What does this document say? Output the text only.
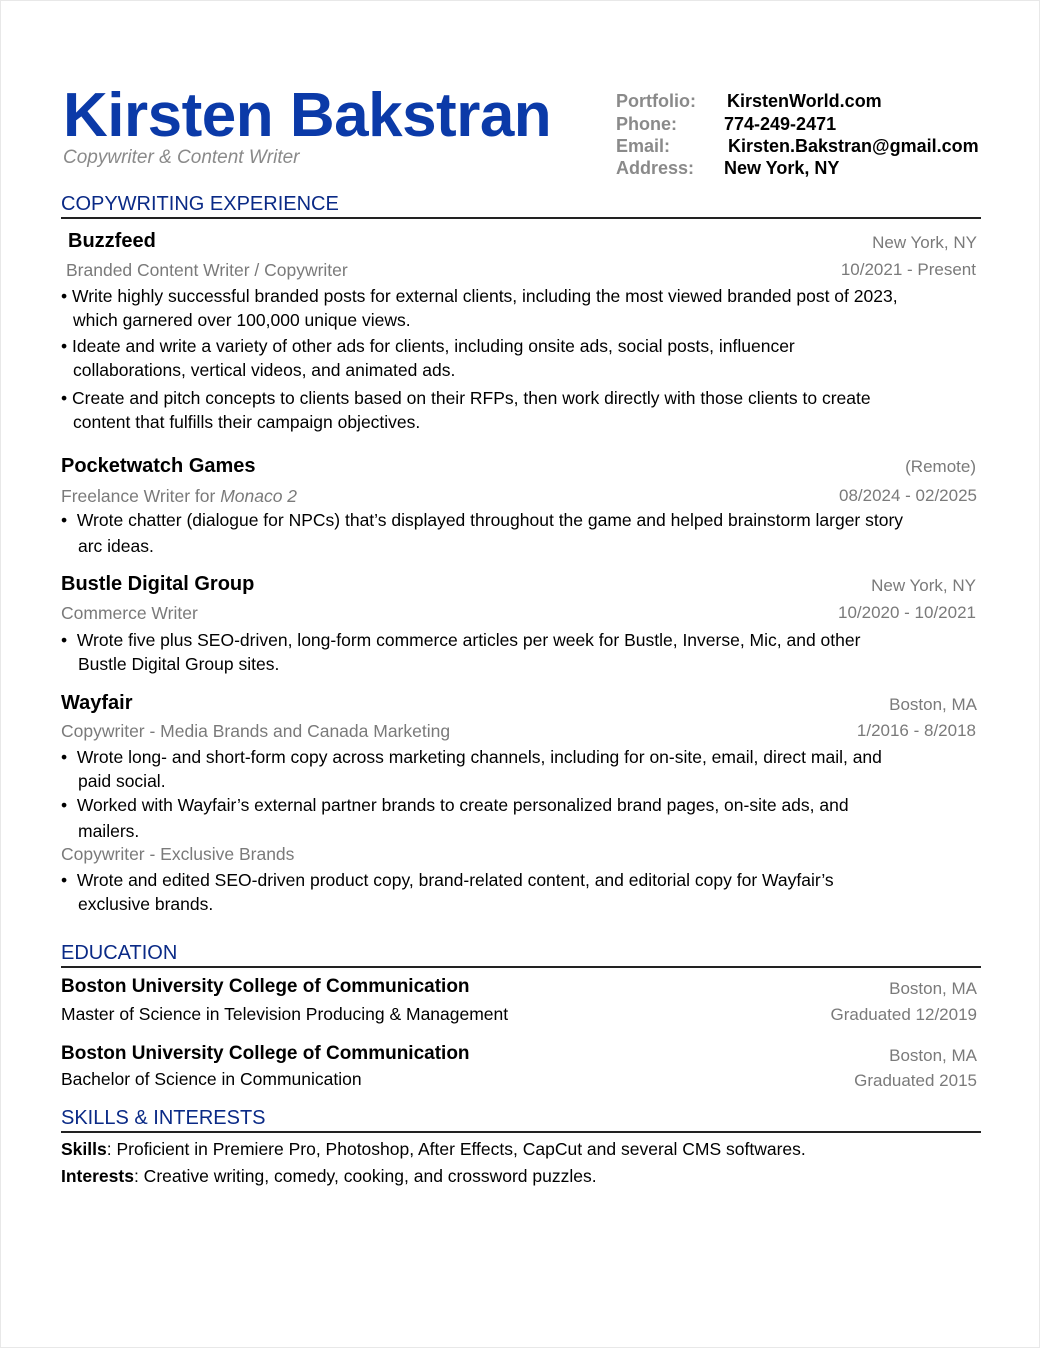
Kirsten Bakstran
Copywriter & Content Writer
Portfolio: KirstenWorld.com
Phone:	774-249-2471
Email:	Kirsten.Bakstran@gmail.com
Address: New York, NY
COPYWRITING EXPERIENCE
Buzzfeed	New York, NY
Branded Content Writer / Copywriter	10/2021 - Present
• Write highly successful branded posts for external clients, including the most viewed branded post of 2023,
which garnered over 100,000 unique views.
• Ideate and write a variety of other ads for clients, including onsite ads, social posts, influencer
collaborations, vertical videos, and animated ads.
• Create and pitch concepts to clients based on their RFPs, then work directly with those clients to create
content that fulfills their campaign objectives.
Pocketwatch Games	(Remote)
Freelance Writer for Monaco 2	08/2024 - 02/2025
•  Wrote chatter (dialogue for NPCs) that’s displayed throughout the game and helped brainstorm larger story
arc ideas.
Bustle Digital Group	New York, NY
Commerce Writer	10/2020 - 10/2021
•  Wrote five plus SEO-driven, long-form commerce articles per week for Bustle, Inverse, Mic, and other
Bustle Digital Group sites.
Wayfair	Boston, MA
Copywriter - Media Brands and Canada Marketing	1/2016 - 8/2018
•  Wrote long- and short-form copy across marketing channels, including for on-site, email, direct mail, and
paid social.
•  Worked with Wayfair’s external partner brands to create personalized brand pages, on-site ads, and
mailers.
Copywriter - Exclusive Brands
•  Wrote and edited SEO-driven product copy, brand-related content, and editorial copy for Wayfair’s
exclusive brands.
EDUCATION
Boston University College of Communication	Boston, MA
Master of Science in Television Producing & Management	Graduated 12/2019
Boston University College of Communication	Boston, MA
Bachelor of Science in Communication	Graduated 2015
SKILLS & INTERESTS
Skills: Proficient in Premiere Pro, Photoshop, After Effects, CapCut and several CMS softwares.
Interests: Creative writing, comedy, cooking, and crossword puzzles.
